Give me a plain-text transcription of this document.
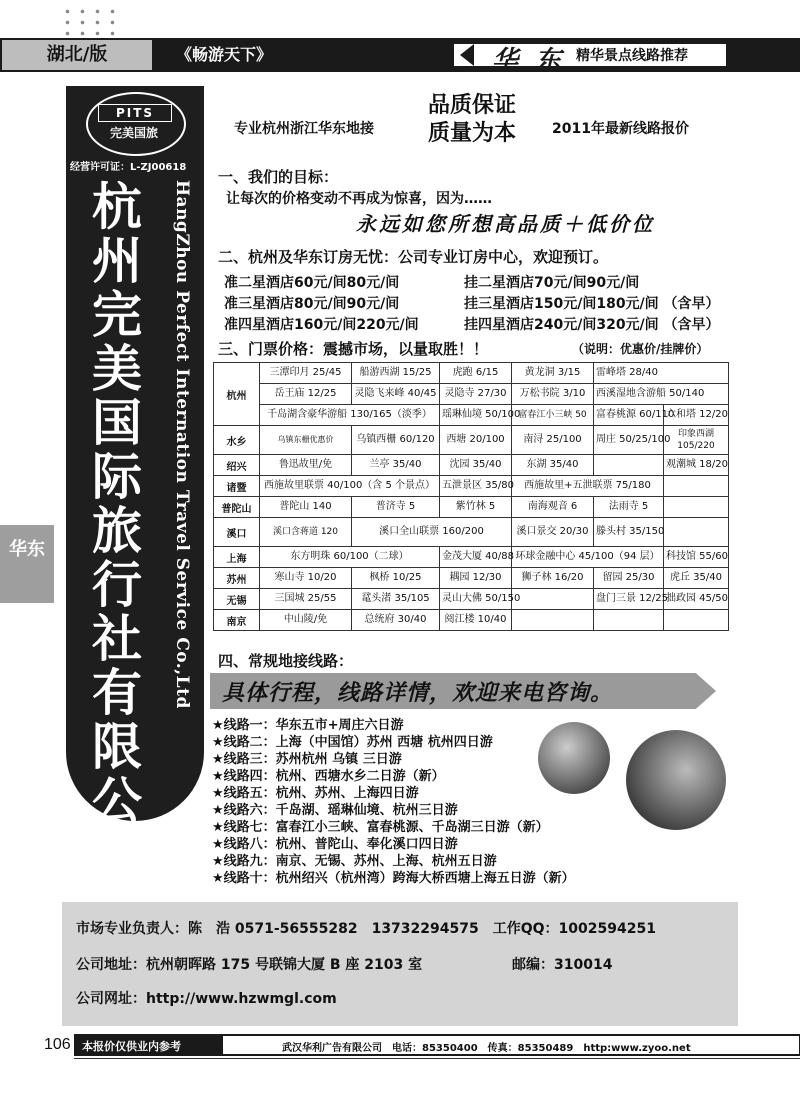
湖北/版	《畅游天下》	华 东 精华景点线路推荐
华东
PITS
完美国旅
经营许可证：L-ZJ00618
杭州完美国际旅行社有限公司
HangZhou Perfect Internation Travel Service Co.,Ltd
专业杭州浙江华东地接
品质保证
质量为本	2011年最新线路报价
一、我们的目标：
让每次的价格变动不再成为惊喜，因为……
永远如您所想高品质＋低价位
二、杭州及华东订房无忧：公司专业订房中心，欢迎预订。
准二星酒店60元/间80元/间	挂二星酒店70元/间90元/间
准三星酒店80元/间90元/间	挂三星酒店150元/间180元/间 （含早）
准四星酒店160元/间220元/间	挂四星酒店240元/间320元/间 （含早）
三、门票价格：震撼市场，以量取胜！！	（说明：优惠价/挂牌价）
杭州	三潭印月 25/45	船游西湖 15/25	虎跑 6/15	黄龙洞 3/15	雷峰塔 28/40	
	岳王庙 12/25	灵隐飞来峰 40/45	灵隐寺 27/30	万松书院 3/10	西溪湿地含游船 50/140	
	千岛湖含豪华游船 130/165（淡季）		瑶琳仙境 50/100	富春江小三峡 50	富春桃源 60/110	六和塔 12/20
水乡	乌镇东栅优惠价	乌镇西栅 60/120	西塘 20/100	南浔 25/100	周庄 50/25/100	印象西湖 105/220
绍兴	鲁迅故里/免	兰亭 35/40	沈园 35/40	东湖 35/40		观潮城 18/20
诸暨	西施故里联票 40/100（含 5 个景点）		五泄景区 35/80	西施故里+五泄联票 75/180		
普陀山	普陀山 140	普济寺 5	紫竹林 5	南海观音 6	法雨寺 5	
溪口	溪口含蒋道 120	溪口全山联票 160/200		溪口景交 20/30	滕头村 35/150	
上海	东方明珠 60/100（二球）		金茂大厦 40/88	环球金融中心 45/100（94 层）		科技馆 55/60
苏州	寒山寺 10/20	枫桥 10/25	耦园 12/30	狮子林 16/20	留园 25/30	虎丘 35/40
无锡	三国城 25/55	鼋头渚 35/105	灵山大佛 50/150		盘门三景 12/25	拙政园 45/50
南京	中山陵/免	总统府 30/40	阅江楼 10/40			
四、常规地接线路：
具体行程，线路详情，欢迎来电咨询。
★线路一：华东五市+周庄六日游
★线路二：上海（中国馆）苏州 西塘 杭州四日游
★线路三：苏州杭州 乌镇 三日游
★线路四：杭州、西塘水乡二日游（新）
★线路五：杭州、苏州、上海四日游
★线路六：千岛湖、瑶琳仙境、杭州三日游
★线路七：富春江小三峡、富春桃源、千岛湖三日游（新）
★线路八：杭州、普陀山、奉化溪口四日游
★线路九：南京、无锡、苏州、上海、杭州五日游
★线路十：杭州绍兴（杭州湾）跨海大桥西塘上海五日游（新）
市场专业负责人：陈　浩 0571-56555282　13732294575　工作QQ：1002594251
公司地址：杭州朝晖路 175 号联锦大厦 B 座 2103 室	邮编：310014
公司网址：http://www.hzwmgl.com
106 本报价仅供业内参考	武汉华利广告有限公司　电话：85350400　传真：85350489　http:www.zyoo.net
